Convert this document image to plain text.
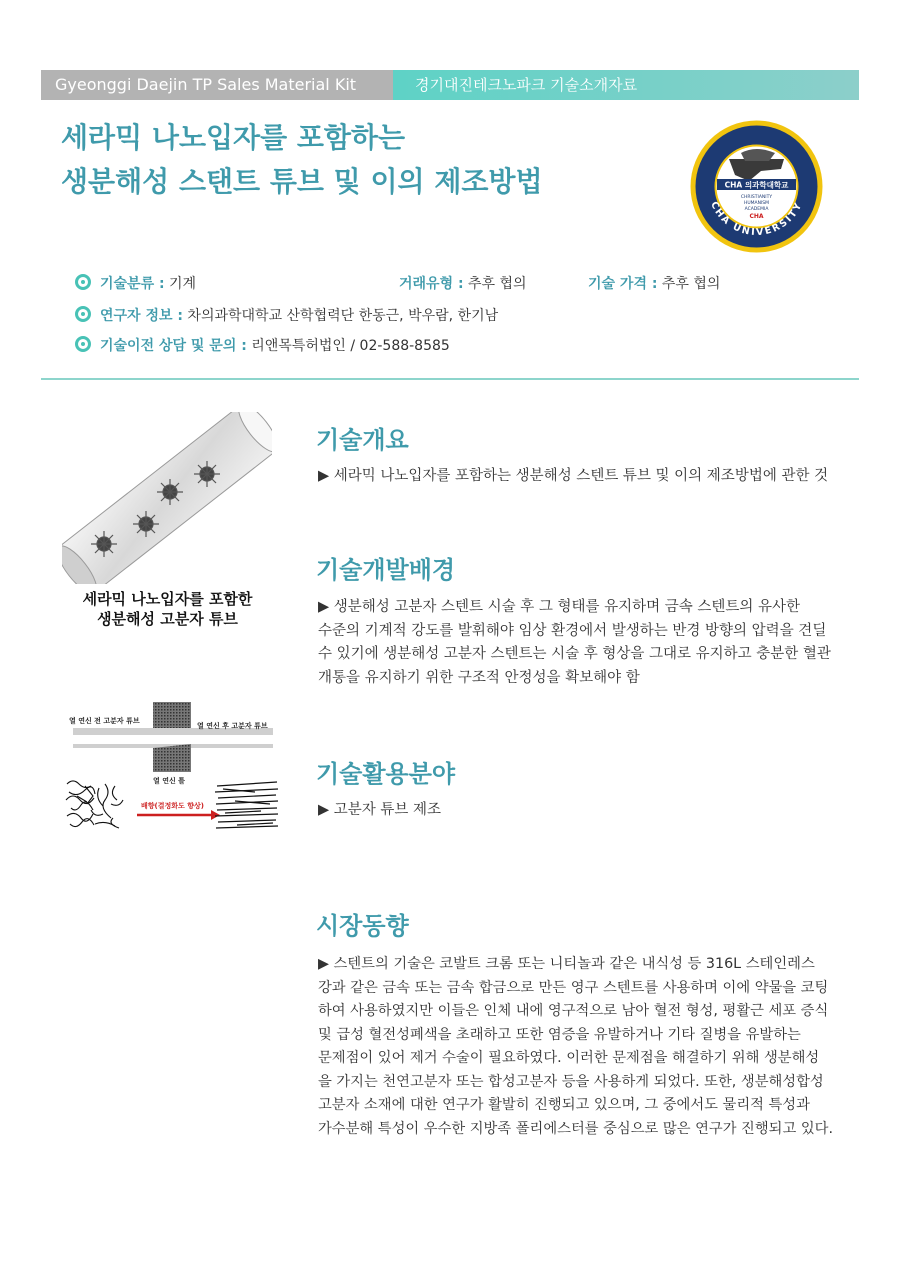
Gyeonggi Daejin TP Sales Material Kit	경기대진테크노파크 기술소개자료
세라믹 나노입자를 포함하는
생분해성 스탠트 튜브 및 이의 제조방법
CHA UNIVERSITY
CHA 의과학대학교
CHRISTIANITY
HUMANISM
ACADEMIA
CHA
기술분류 : 기계	거래유형 : 추후 협의	기술 가격 : 추후 협의
연구자 정보 : 차의과학대학교 산학협력단 한동근, 박우람, 한기남
기술이전 상담 및 문의 : 리앤목특허법인 / 02-588-8585
세라믹 나노입자를 포함한
생분해성 고분자 튜브
열 연신 전 고분자 튜브
열 연신 후 고분자 튜브
열 연신 틀
배향(결정화도 향상)
기술개요

▶ 세라믹 나노입자를 포함하는 생분해성 스텐트 튜브 및 이의 제조방법에 관한 것

기술개발배경
▶ 생분해성 고분자 스텐트 시술 후 그 형태를 유지하며 금속 스텐트의 유사한
수준의 기계적 강도를 발휘해야 임상 환경에서 발생하는 반경 방향의 압력을 견딜
수 있기에 생분해성 고분자 스텐트는 시술 후 형상을 그대로 유지하고 충분한 혈관
개통을 유지하기 위한 구조적 안정성을 확보해야 함
기술활용분야

▶ 고분자 튜브 제조

시장동향
▶ 스텐트의 기술은 코발트 크롬 또는 니티놀과 같은 내식성 등 316L 스테인레스
강과 같은 금속 또는 금속 합금으로 만든 영구 스텐트를 사용하며 이에 약물을 코팅
하여 사용하였지만 이들은 인체 내에 영구적으로 남아 혈전 형성, 평활근 세포 증식
및 급성 혈전성폐색을 초래하고 또한 염증을 유발하거나 기타 질병을 유발하는
문제점이 있어 제거 수술이 필요하였다. 이러한 문제점을 해결하기 위해 생분해성
을 가지는 천연고분자 또는 합성고분자 등을 사용하게 되었다. 또한, 생분해성합성
고분자 소재에 대한 연구가 활발히 진행되고 있으며, 그 중에서도 물리적 특성과
가수분해 특성이 우수한 지방족 폴리에스터를 중심으로 많은 연구가 진행되고 있다.
